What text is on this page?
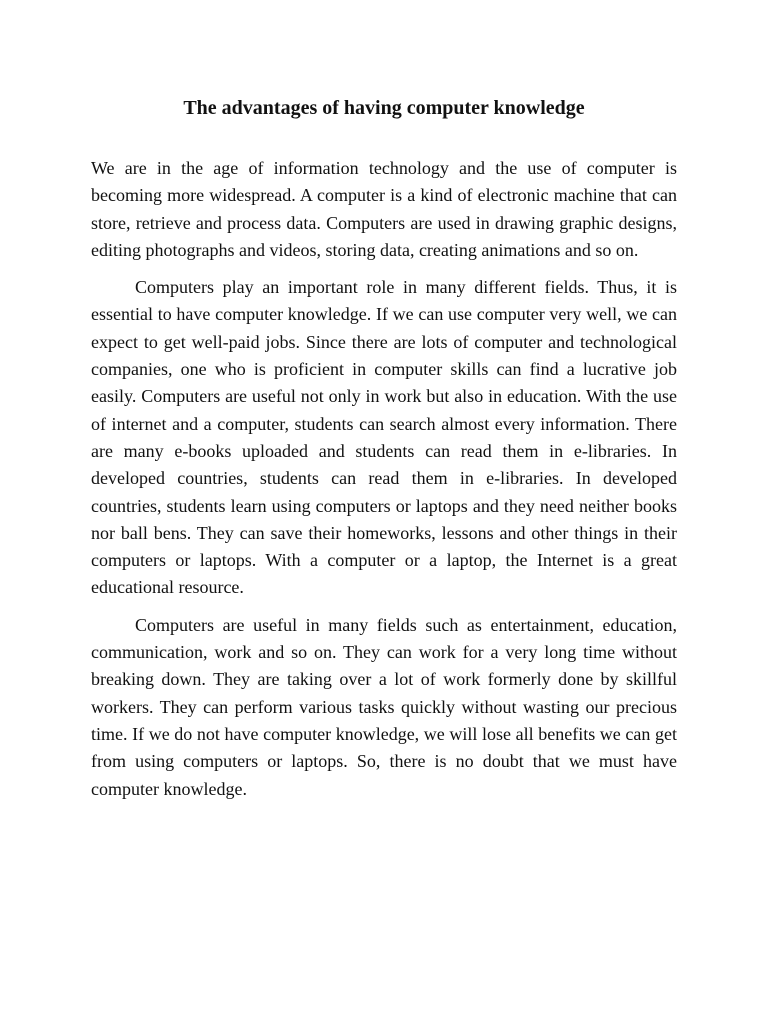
The advantages of having computer knowledge

We are in the age of information technology and the use of computer is becoming more widespread. A computer is a kind of electronic machine that can store, retrieve and process data. Computers are used in drawing graphic designs, editing photographs and videos, storing data, creating animations and so on.

Computers play an important role in many different fields. Thus, it is essential to have computer knowledge. If we can use computer very well, we can expect to get well-paid jobs. Since there are lots of computer and technological companies, one who is proficient in computer skills can find a lucrative job easily. Computers are useful not only in work but also in education. With the use of internet and a computer, students can search almost every information. There are many e-books uploaded and students can read them in e-libraries. In developed countries, students can read them in e-libraries. In developed countries, students learn using computers or laptops and they need neither books nor ball bens. They can save their homeworks, lessons and other things in their computers or laptops. With a computer or a laptop, the Internet is a great educational resource.

Computers are useful in many fields such as entertainment, education, communication, work and so on. They can work for a very long time without breaking down. They are taking over a lot of work formerly done by skillful workers. They can perform various tasks quickly without wasting our precious time. If we do not have computer knowledge, we will lose all benefits we can get from using computers or laptops. So, there is no doubt that we must have computer knowledge.
